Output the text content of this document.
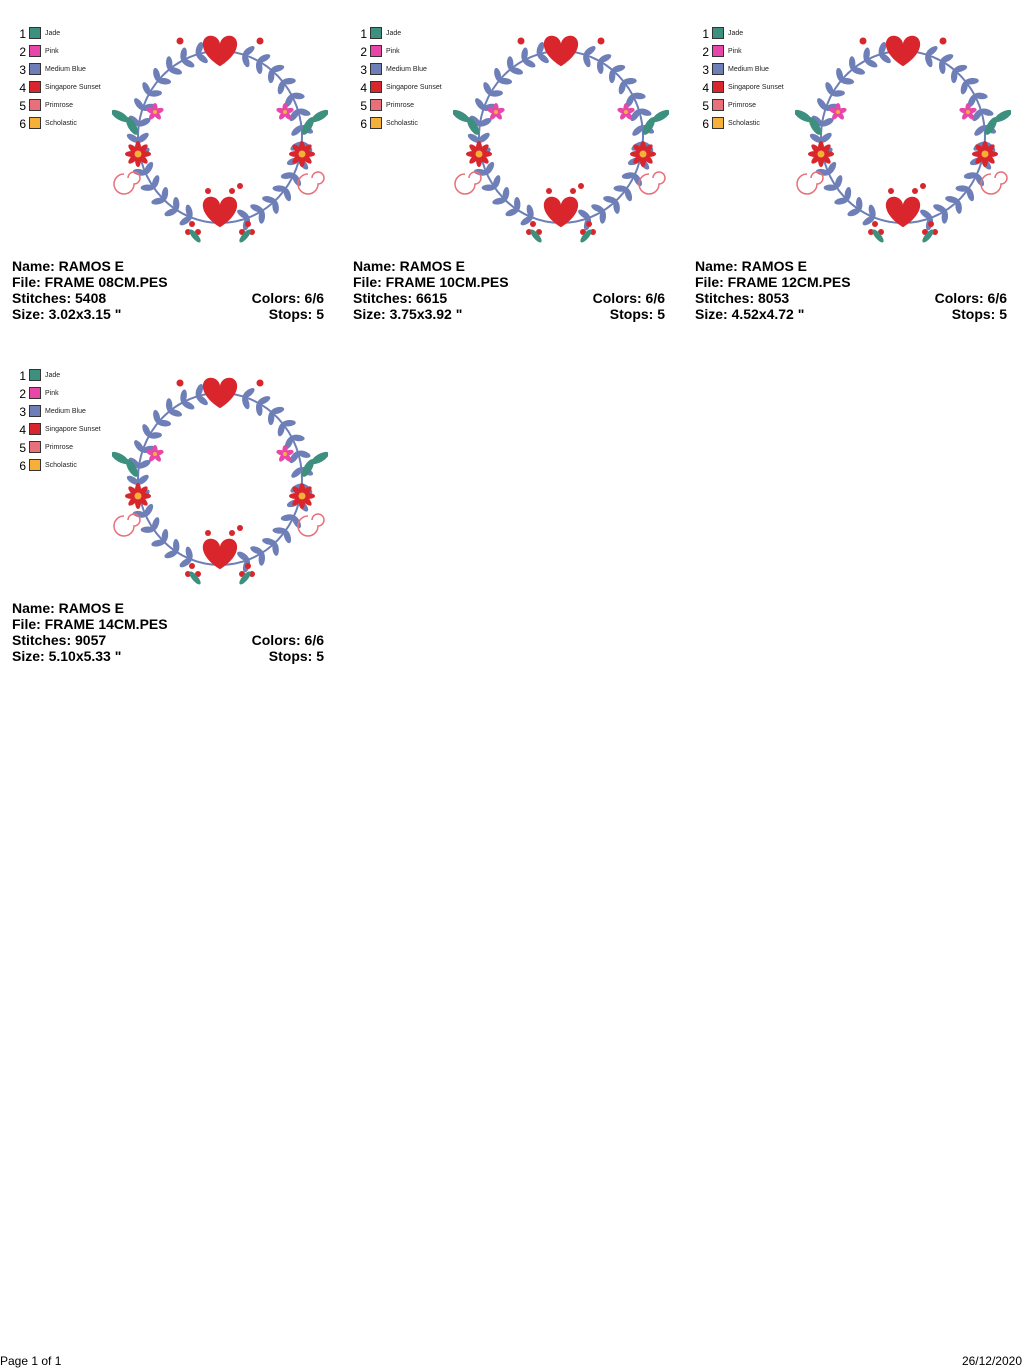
1	Jade
2	Pink
3	Medium Blue
4	Singapore Sunset
5	Primrose
6	Scholastic
Name: RAMOS E
File: FRAME 08CM.PES
Stitches: 5408	Colors: 6/6
Size: 3.02x3.15 "	Stops: 5
1	Jade
2	Pink
3	Medium Blue
4	Singapore Sunset
5	Primrose
6	Scholastic
Name: RAMOS E
File: FRAME 10CM.PES
Stitches: 6615	Colors: 6/6
Size: 3.75x3.92 "	Stops: 5
1	Jade
2	Pink
3	Medium Blue
4	Singapore Sunset
5	Primrose
6	Scholastic
Name: RAMOS E
File: FRAME 12CM.PES
Stitches: 8053	Colors: 6/6
Size: 4.52x4.72 "	Stops: 5
1	Jade
2	Pink
3	Medium Blue
4	Singapore Sunset
5	Primrose
6	Scholastic
Name: RAMOS E
File: FRAME 14CM.PES
Stitches: 9057	Colors: 6/6
Size: 5.10x5.33 "	Stops: 5
Page 1 of 1	26/12/2020
